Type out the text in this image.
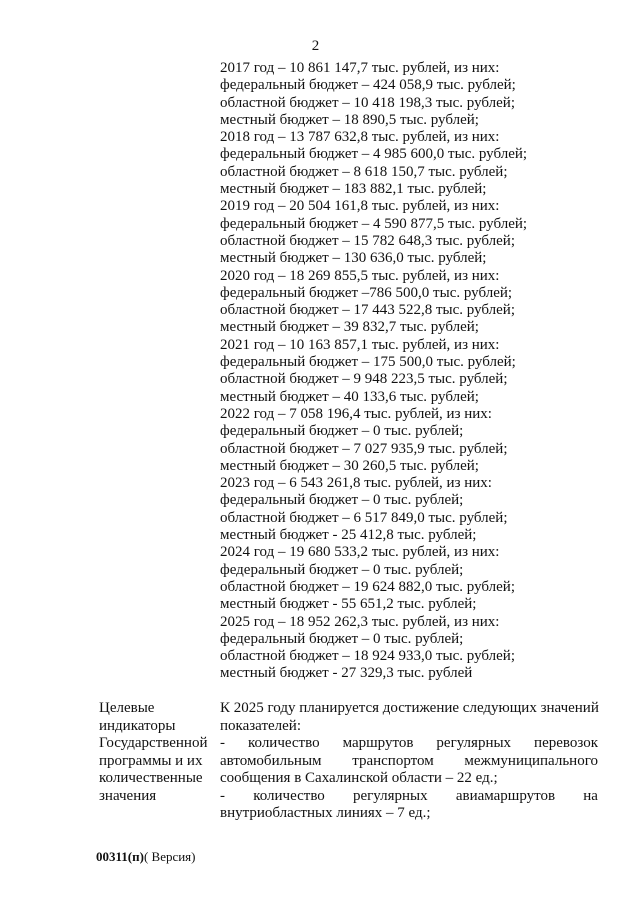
2
2017 год – 10 861 147,7 тыс. рублей, из них:
федеральный бюджет – 424 058,9 тыс. рублей;
областной бюджет – 10 418 198,3 тыс. рублей;
местный бюджет – 18 890,5 тыс. рублей;
2018 год – 13 787 632,8 тыс. рублей, из них:
федеральный бюджет – 4 985 600,0 тыс. рублей;
областной бюджет – 8 618 150,7 тыс. рублей;
местный бюджет – 183 882,1 тыс. рублей;
2019 год – 20 504 161,8 тыс. рублей, из них:
федеральный бюджет – 4 590 877,5 тыс. рублей;
областной бюджет – 15 782 648,3 тыс. рублей;
местный бюджет – 130 636,0 тыс. рублей;
2020 год – 18 269 855,5 тыс. рублей, из них:
федеральный бюджет –786 500,0 тыс. рублей;
областной бюджет – 17 443 522,8 тыс. рублей;
местный бюджет – 39 832,7 тыс. рублей;
2021 год – 10 163 857,1 тыс. рублей, из них:
федеральный бюджет – 175 500,0 тыс. рублей;
областной бюджет – 9 948 223,5 тыс. рублей;
местный бюджет – 40 133,6 тыс. рублей;
2022 год – 7 058 196,4 тыс. рублей, из них:
федеральный бюджет – 0 тыс. рублей;
областной бюджет – 7 027 935,9 тыс. рублей;
местный бюджет – 30 260,5 тыс. рублей;
2023 год – 6 543 261,8 тыс. рублей, из них:
федеральный бюджет – 0 тыс. рублей;
областной бюджет – 6 517 849,0 тыс. рублей;
местный бюджет - 25 412,8 тыс. рублей;
2024 год – 19 680 533,2 тыс. рублей, из них:
федеральный бюджет – 0 тыс. рублей;
областной бюджет – 19 624 882,0 тыс. рублей;
местный бюджет - 55 651,2 тыс. рублей;
2025 год – 18 952 262,3 тыс. рублей, из них:
федеральный бюджет – 0 тыс. рублей;
областной бюджет – 18 924 933,0 тыс. рублей;
местный бюджет - 27 329,3 тыс. рублей
Целевые
индикаторы
Государственной
программы и их
количественные
значения
К 2025 году планируется достижение следующих значений
показателей:
- количество маршрутов регулярных перевозок
автомобильным транспортом межмуниципального
сообщения в Сахалинской области – 22 ед.;
- количество регулярных авиамаршрутов на
внутриобластных линиях – 7 ед.;
00311(п)( Версия)
